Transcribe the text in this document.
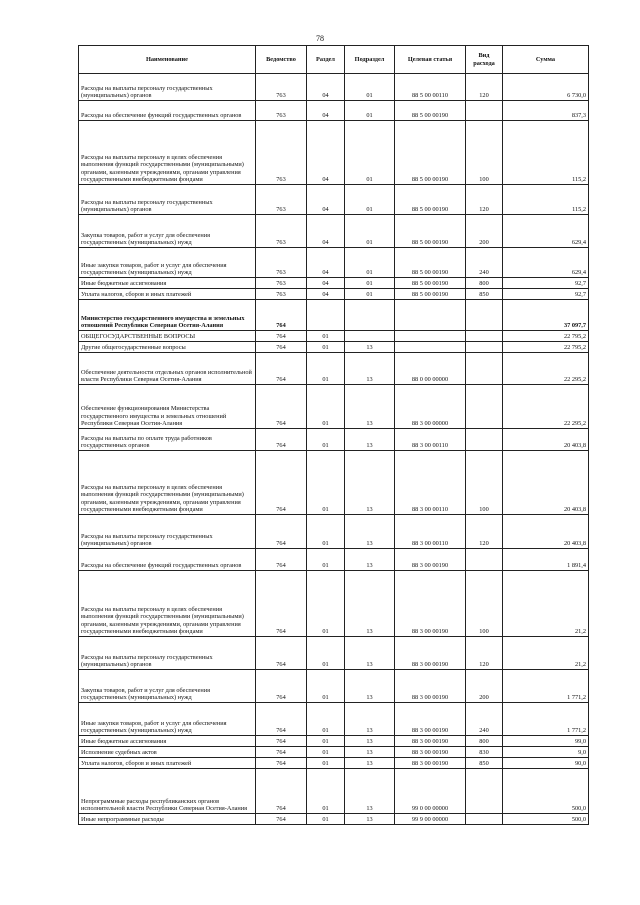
78
Наименование	Ведомство	Раздел	Подраздел	Целевая статья	Вид расхода	Сумма
Расходы на выплаты персоналу государственных (муниципальных) органов	763	04	01	88 5 00 00110	120	6 730,0
Расходы на обеспечение функций государственных органов	763	04	01	88 5 00 00190		837,3
Расходы на выплаты персоналу в целях обеспечения выполнения функций государственными (муниципальными) органами, казенными учреждениями, органами управления государственными внебюджетными фондами	763	04	01	88 5 00 00190	100	115,2
Расходы на выплаты персоналу государственных (муниципальных) органов	763	04	01	88 5 00 00190	120	115,2
Закупка товаров, работ и услуг для обеспечения государственных (муниципальных) нужд	763	04	01	88 5 00 00190	200	629,4
Иные закупки товаров, работ и услуг для обеспечения государственных (муниципальных) нужд	763	04	01	88 5 00 00190	240	629,4
Иные бюджетные ассигнования	763	04	01	88 5 00 00190	800	92,7
Уплата налогов, сборов и иных платежей	763	04	01	88 5 00 00190	850	92,7
Министерство государственного имущества и земельных отношений Республики Северная Осетия-Алания	764					37 097,7
ОБЩЕГОСУДАРСТВЕННЫЕ ВОПРОСЫ	764	01				22 795,2
Другие общегосударственные вопросы	764	01	13			22 795,2
Обеспечение деятельности отдельных органов исполнительной власти Республики Северная Осетия-Алания	764	01	13	88 0 00 00000		22 295,2
Обеспечение функционирования Министерства государственного имущества и земельных отношений Республики Северная Осетия-Алания	764	01	13	88 3 00 00000		22 295,2
Расходы на выплаты по оплате труда работников государственных органов	764	01	13	88 3 00 00110		20 403,8
Расходы на выплаты персоналу в целях обеспечения выполнения функций государственными (муниципальными) органами, казенными учреждениями, органами управления государственными внебюджетными фондами	764	01	13	88 3 00 00110	100	20 403,8
Расходы на выплаты персоналу государственных (муниципальных) органов	764	01	13	88 3 00 00110	120	20 403,8
Расходы на обеспечение функций государственных органов	764	01	13	88 3 00 00190		1 891,4
Расходы на выплаты персоналу в целях обеспечения выполнения функций государственными (муниципальными) органами, казенными учреждениями, органами управления государственными внебюджетными фондами	764	01	13	88 3 00 00190	100	21,2
Расходы на выплаты персоналу государственных (муниципальных) органов	764	01	13	88 3 00 00190	120	21,2
Закупка товаров, работ и услуг для обеспечения государственных (муниципальных) нужд	764	01	13	88 3 00 00190	200	1 771,2
Иные закупки товаров, работ и услуг для обеспечения государственных (муниципальных) нужд	764	01	13	88 3 00 00190	240	1 771,2
Иные бюджетные ассигнования	764	01	13	88 3 00 00190	800	99,0
Исполнение судебных актов	764	01	13	88 3 00 00190	830	9,0
Уплата налогов, сборов и иных платежей	764	01	13	88 3 00 00190	850	90,0
Непрограммные расходы республиканских органов исполнительной власти Республики Северная Осетия-Алания	764	01	13	99 0 00 00000		500,0
Иные непрограммные расходы	764	01	13	99 9 00 00000		500,0
